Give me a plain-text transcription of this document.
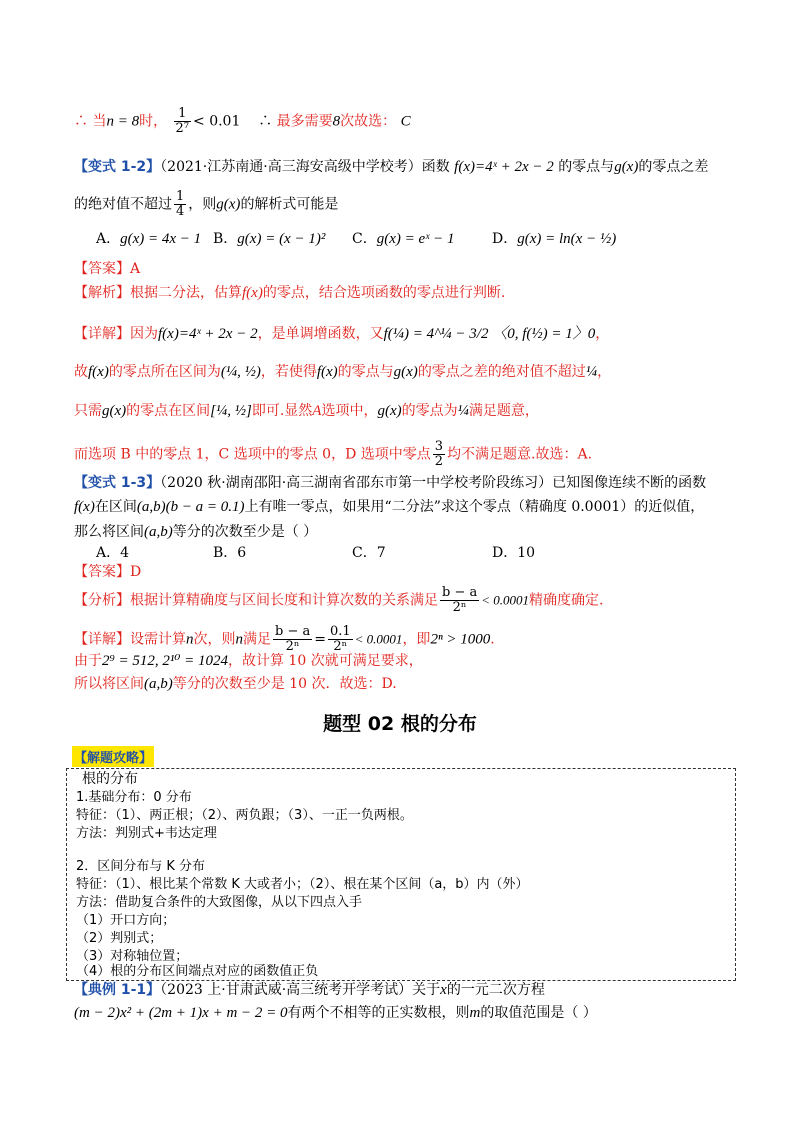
∴ 当n = 8时， $\frac{1}{\text{2⁷}} < 0.01$ ∴ 最多需要8次故选： C
【变式 1-2】（2021·江苏南通·高三海安高级中学校考）函数 f(x)=4ˣ + 2x − 2 的零点与g(x)的零点之差
的绝对值不超过 $\frac{1}{4}$ ，则g(x)的解析式可能是
A．g(x) = 4x − 1 B．g(x) = (x − 1)² C．g(x) = eˣ − 1	D．g(x) = ln(x − ½)
【答案】A
【解析】根据二分法，估算f(x)的零点，结合选项函数的零点进行判断.
【详解】因为f(x)=4ˣ + 2x − 2，是单调增函数，又f(¼) = 4^¼ − 3/2 〈0, f(½) = 1〉0，
故f(x)的零点所在区间为(¼, ½)，若使得f(x)的零点与g(x)的零点之差的绝对值不超过¼，
只需g(x)的零点在区间[¼, ½]即可.显然A选项中，g(x)的零点为¼满足题意，
而选项 B 中的零点 1，C 选项中的零点 0，D 选项中零点 $\frac{3}{2}$ 均不满足题意.故选：A.
【变式 1-3】（2020 秋·湖南邵阳·高三湖南省邵东市第一中学校考阶段练习）已知图像连续不断的函数
f(x)在区间(a,b)(b − a = 0.1)上有唯一零点，如果用“二分法”求这个零点（精确度 0.0001）的近似值，
那么将区间(a,b)等分的次数至少是（ ）
A．4	B．6	C．7	D．10
【答案】D
【分析】根据计算精确度与区间长度和计算次数的关系满足 $\frac{b - a}{\text{2ⁿ}} < 0.0001$精确度确定.
【详解】设需计算n次，则n满足 $\frac{b - a}{\text{2ⁿ}} = \frac{0.1}{\text{2ⁿ}} < 0.0001$，即2ⁿ > 1000.
由于2⁹ = 512, 2¹⁰ = 1024，故计算 10 次就可满足要求，
所以将区间(a,b)等分的次数至少是 10 次．故选：D.
题型 02 根的分布
【解题攻略】
根的分布
1.基础分布：0 分布
特征：（1）、两正根；（2）、两负跟；（3）、一正一负两根。
方法：判别式+韦达定理
2．区间分布与 K 分布
特征：（1）、根比某个常数 K 大或者小；（2）、根在某个区间（a，b）内（外）
方法：借助复合条件的大致图像，从以下四点入手
（1）开口方向；
（2）判别式；
（3）对称轴位置；
（4）根的分布区间端点对应的函数值正负
【典例 1-1】（2023 上·甘肃武威·高三统考开学考试）关于x的一元二次方程
(m − 2)x² + (2m + 1)x + m − 2 = 0有两个不相等的正实数根，则m的取值范围是（ ）
